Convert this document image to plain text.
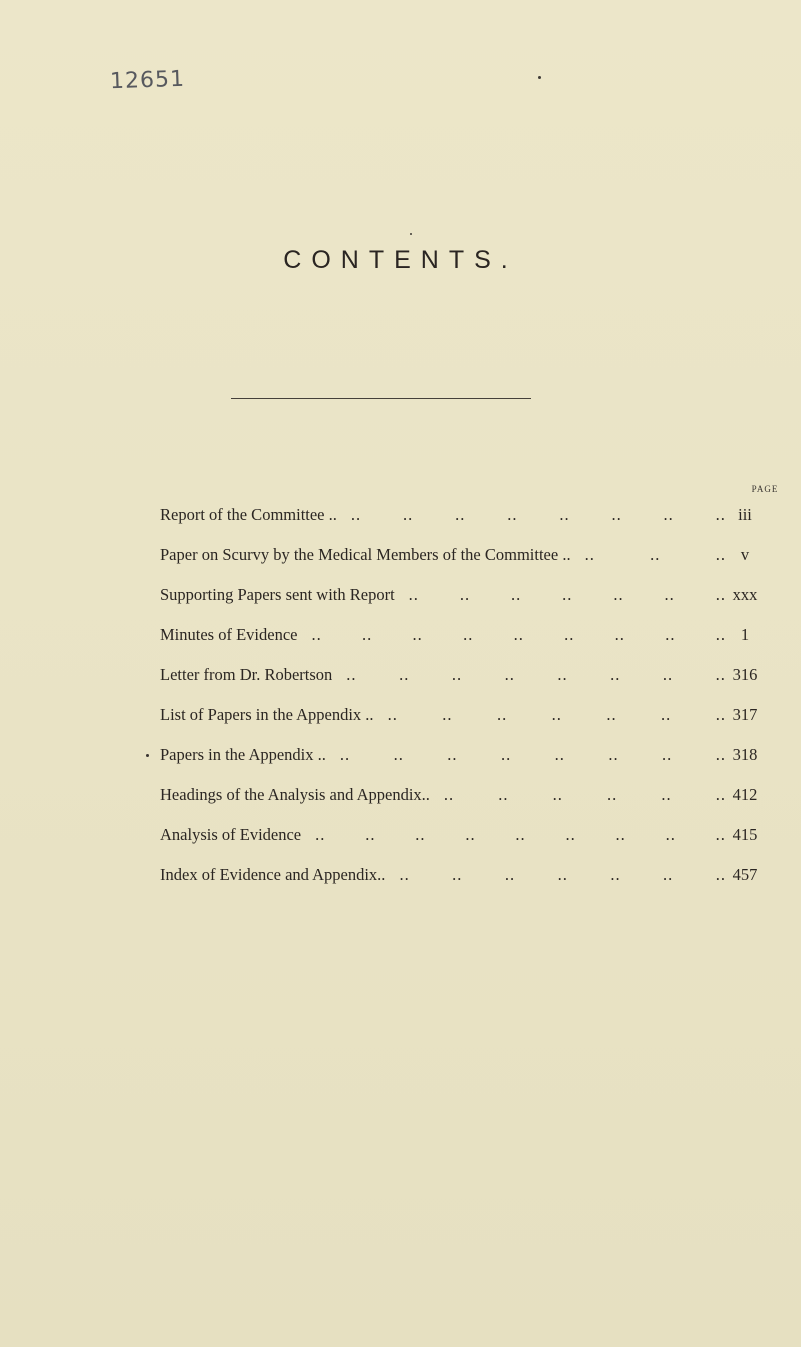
12651
CONTENTS.
PAGE
Report of the Committee ..	iii
..	..	..	..	..	..	..	..
Paper on Scurvy by the Medical Members of the Committee ..	v
..	..	..
Supporting Papers sent with Report	xxx
.. .. .. .. .. .. ..
Minutes of Evidence	1
.. .. .. .. .. .. .. .. ..
Letter from Dr. Robertson	316
..	..	..	..	..	..	..	..
List of Papers in the Appendix ..	317
..	..	..	..	..	..	..
Papers in the Appendix ..	318
..	..	..	..	..	..	..	..
Headings of the Analysis and Appendix..	412
..	..	..	..	..	..
Analysis of Evidence	415
.. .. .. .. .. .. .. .. ..
Index of Evidence and Appendix..	457
..	..	..	..	..	..	..
